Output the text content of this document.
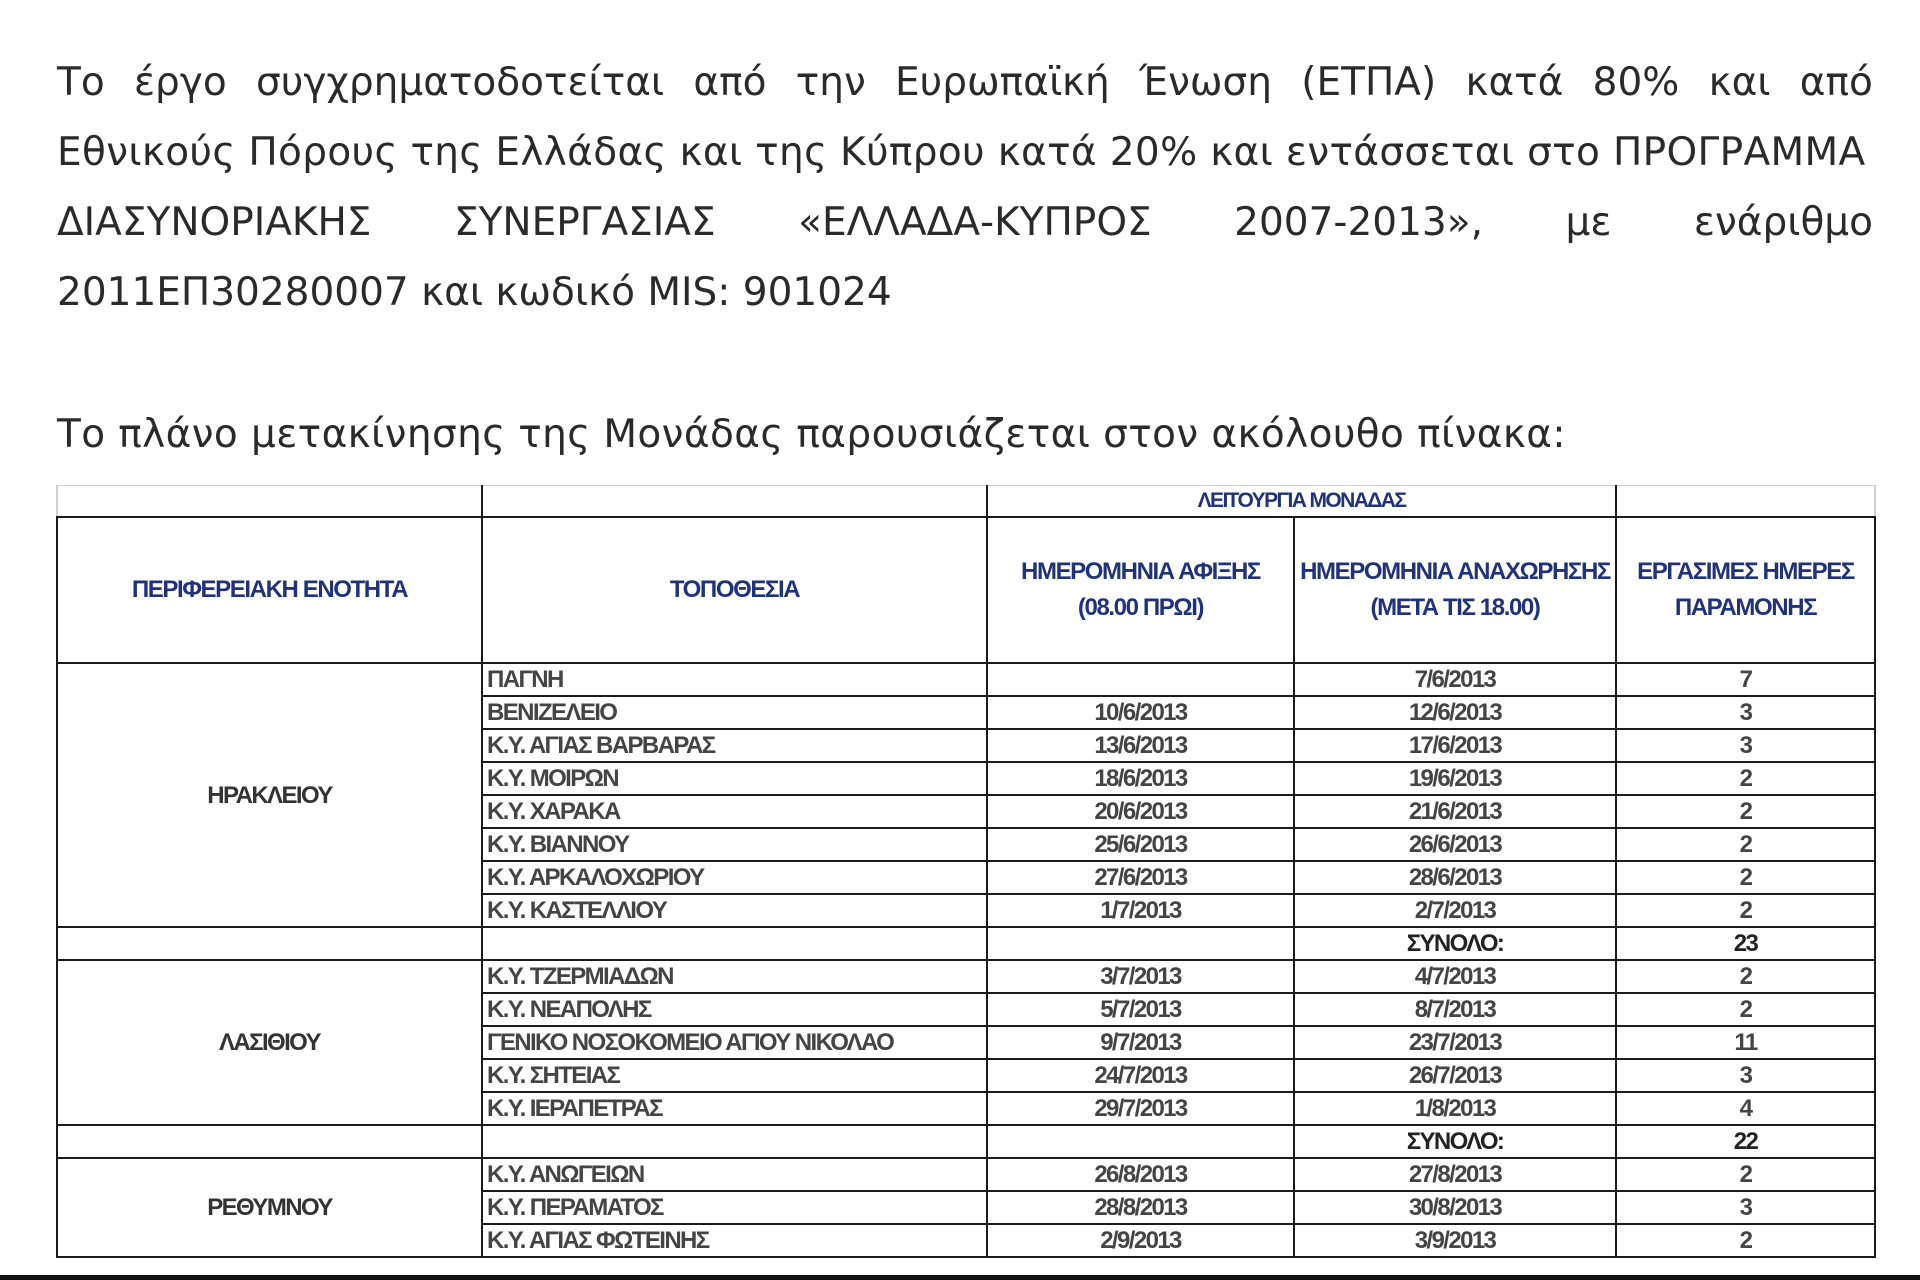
Το έργο συγχρηματοδοτείται από την Ευρωπαϊκή Ένωση (ΕΤΠΑ) κατά 80% και από
Εθνικούς Πόρους της Ελλάδας και της Κύπρου κατά 20% και εντάσσεται στο ΠΡΟΓΡΑΜΜΑ
ΔΙΑΣΥΝΟΡΙΑΚΗΣ ΣΥΝΕΡΓΑΣΙΑΣ «ΕΛΛΑΔΑ-ΚΥΠΡΟΣ 2007-2013», με ενάριθμο
2011ΕΠ30280007 και κωδικό MIS: 901024

Το πλάνο μετακίνησης της Μονάδας παρουσιάζεται στον ακόλουθο πίνακα:

		ΛΕΙΤΟΥΡΓΙΑ ΜΟΝΑΔΑΣ		
ΠΕΡΙΦΕΡΕΙΑΚΗ ΕΝΟΤΗΤΑ	ΤΟΠΟΘΕΣΙΑ	ΗΜΕΡΟΜΗΝΙΑ ΑΦΙΞΗΣ (08.00 ΠΡΩΙ)	ΗΜΕΡΟΜΗΝΙΑ ΑΝΑΧΩΡΗΣΗΣ (ΜΕΤΑ ΤΙΣ 18.00)	ΕΡΓΑΣΙΜΕΣ ΗΜΕΡΕΣ ΠΑΡΑΜΟΝΗΣ
ΗΡΑΚΛΕΙΟΥ	ΠΑΓΝΗ		7/6/2013	7
	ΒΕΝΙΖΕΛΕΙΟ	10/6/2013	12/6/2013	3
	Κ.Υ. ΑΓΙΑΣ ΒΑΡΒΑΡΑΣ	13/6/2013	17/6/2013	3
	Κ.Υ. ΜΟΙΡΩΝ	18/6/2013	19/6/2013	2
	Κ.Υ. ΧΑΡΑΚΑ	20/6/2013	21/6/2013	2
	Κ.Υ. ΒΙΑΝΝΟΥ	25/6/2013	26/6/2013	2
	Κ.Υ. ΑΡΚΑΛΟΧΩΡΙΟΥ	27/6/2013	28/6/2013	2
	Κ.Υ. ΚΑΣΤΕΛΛΙΟΥ	1/7/2013	2/7/2013	2
			ΣΥΝΟΛΟ:	23
ΛΑΣΙΘΙΟΥ	Κ.Υ. ΤΖΕΡΜΙΑΔΩΝ	3/7/2013	4/7/2013	2
	Κ.Υ. ΝΕΑΠΟΛΗΣ	5/7/2013	8/7/2013	2
	ΓΕΝΙΚΟ ΝΟΣΟΚΟΜΕΙΟ ΑΓΙΟΥ ΝΙΚΟΛΑΟ	9/7/2013	23/7/2013	11
	Κ.Υ. ΣΗΤΕΙΑΣ	24/7/2013	26/7/2013	3
	Κ.Υ. ΙΕΡΑΠΕΤΡΑΣ	29/7/2013	1/8/2013	4
			ΣΥΝΟΛΟ:	22
ΡΕΘΥΜΝΟΥ	Κ.Υ. ΑΝΩΓΕΙΩΝ	26/8/2013	27/8/2013	2
	Κ.Υ. ΠΕΡΑΜΑΤΟΣ	28/8/2013	30/8/2013	3
	Κ.Υ. ΑΓΙΑΣ ΦΩΤΕΙΝΗΣ	2/9/2013	3/9/2013	2
